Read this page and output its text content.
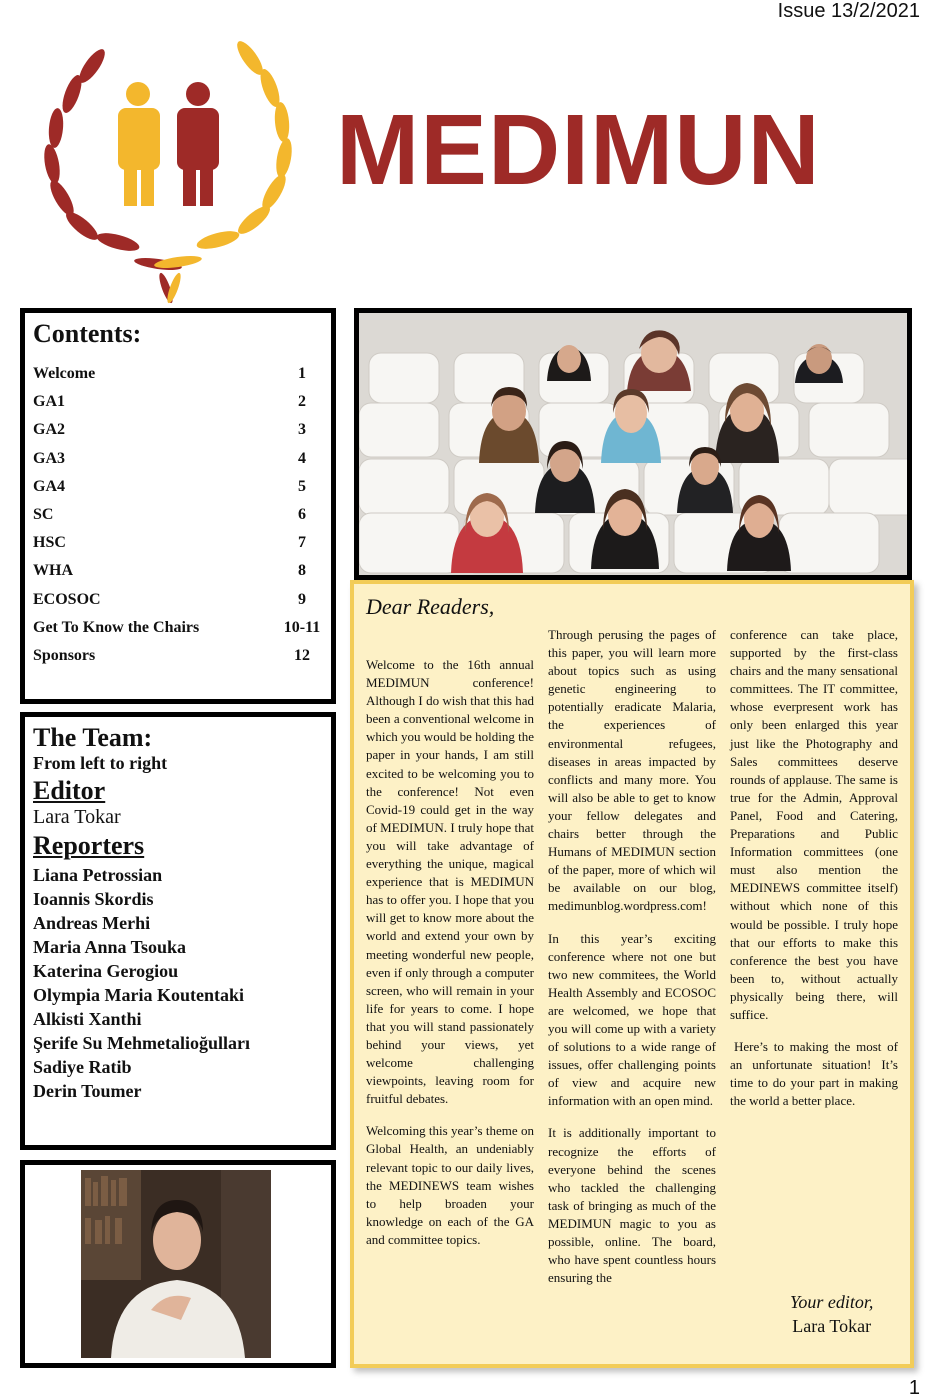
Issue 13/2/2021
MEDIMUN
Contents:
Welcome	1
GA1	2
GA2	3
GA3	4
GA4	5
SC	6
HSC	7
WHA	8
ECOSOC	9
Get To Know the Chairs	10-11
Sponsors	12
The Team:
From left to right
Editor
Lara Tokar
Reporters
Liana Petrossian
Ioannis Skordis
Andreas Merhi
Maria Anna Tsouka
Katerina Gerogiou
Olympia Maria Koutentaki
Alkisti Xanthi
Şerife Su Mehmetalioğulları
Sadiye Ratib
Derin Toumer
Dear Readers,

Welcome to the 16th annual MEDIMUN conference! Although I do wish that this had been a conventional welcome in which you would be holding the paper in your hands, I am still excited to be welcoming you to the conference! Not even Covid-19 could get in the way of MEDIMUN. I truly hope that you will take advantage of everything the unique, magical experience that is MEDIMUN has to offer you. I hope that you will get to know more about the world and extend your own by meeting wonderful new people, even if only through a computer screen, who will remain in your life for years to come. I hope that you will stand passionately behind your views, yet welcome challenging viewpoints, leaving room for fruitful debates.

Welcoming this year’s theme on Global Health, an undeniably relevant topic to our daily lives, the MEDINEWS team wishes to help broaden your knowledge on each of the GA and committee topics.

Through perusing the pages of this paper, you will learn more about topics such as using genetic engineering to potentially eradicate Malaria, the experiences of environmental refugees, diseases in areas impacted by conflicts and many more. You will also be able to get to know your fellow delegates and chairs better through the Humans of MEDIMUN section of the paper, more of which wil be available on our blog, medimunblog.wordpress.com!

In this year’s exciting conference where not one but two new commitees, the World Health Assembly and ECOSOC are welcomed, we hope that you will come up with a variety of solutions to a wide range of issues, offer challenging points of view and acquire new information with an open mind.

It is additionally important to recognize the efforts of everyone behind the scenes who tackled the challenging task of bringing as much of the MEDIMUN magic to you as possible, online. The board, who have spent countless hours ensuring the

conference can take place, supported by the first-class chairs and the many sensational committees. The IT committee, whose everpresent work has only been enlarged this year just like the Photography and Sales committees deserve rounds of applause. The same is true for the Admin, Approval Panel, Food and Catering, Preparations and Public Information committees (one must also mention the MEDINEWS committee itself) without which none of this would be possible. I truly hope that our efforts to make this conference the best you have been to, without actually physically being there, will suffice.

Here’s to making the most of an unfortunate situation! It’s time to do your part in making the world a better place.

Your editor,
Lara Tokar
1
